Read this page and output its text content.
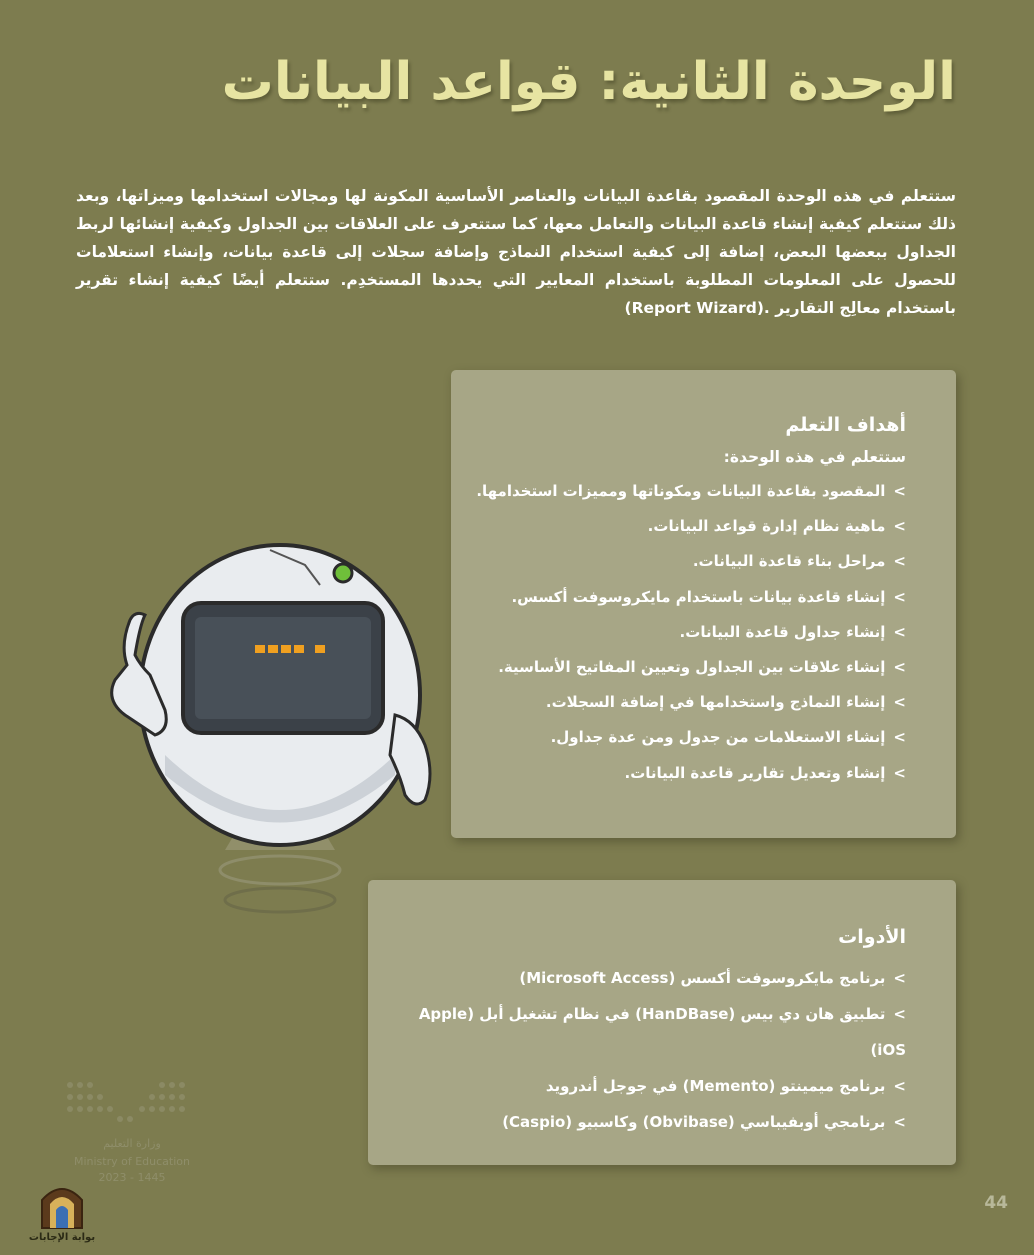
الوحدة الثانية: قواعد البيانات

ستتعلم في هذه الوحدة المقصود بقاعدة البيانات والعناصر الأساسية المكونة لها ومجالات استخدامها وميزاتها، وبعد ذلك ستتعلم كيفية إنشاء قاعدة البيانات والتعامل معها، كما ستتعرف على العلاقات بين الجداول وكيفية إنشائها لربط الجداول ببعضها البعض، إضافة إلى كيفية استخدام النماذج وإضافة سجلات إلى قاعدة بيانات، وإنشاء استعلامات للحصول على المعلومات المطلوبة باستخدام المعايير التي يحددها المستخدِم. ستتعلم أيضًا كيفية إنشاء تقرير باستخدام معالِج التقارير (Report Wizard).

أهداف التعلم

ستتعلم في هذه الوحدة:

> المقصود بقاعدة البيانات ومكوناتها ومميزات استخدامها.
> ماهية نظام إدارة قواعد البيانات.
> مراحل بناء قاعدة البيانات.
> إنشاء قاعدة بيانات باستخدام مايكروسوفت أكسس.
> إنشاء جداول قاعدة البيانات.
> إنشاء علاقات بين الجداول وتعيين المفاتيح الأساسية.
> إنشاء النماذج واستخدامها في إضافة السجلات.
> إنشاء الاستعلامات من جدول ومن عدة جداول.
> إنشاء وتعديل تقارير قاعدة البيانات.
الأدوات
> برنامج مايكروسوفت أكسس (Microsoft Access)
> تطبيق هان دي بيس (HanDBase) في نظام تشغيل أبل (Apple iOS)
> برنامج ميمينتو (Memento) في جوجل أندرويد
> برنامجي أوبفيباسي (Obvibase) وكاسبيو (Caspio)
وزارة التعليم
Ministry of Education
2023 - 1445
بوابة الإجابات
44
